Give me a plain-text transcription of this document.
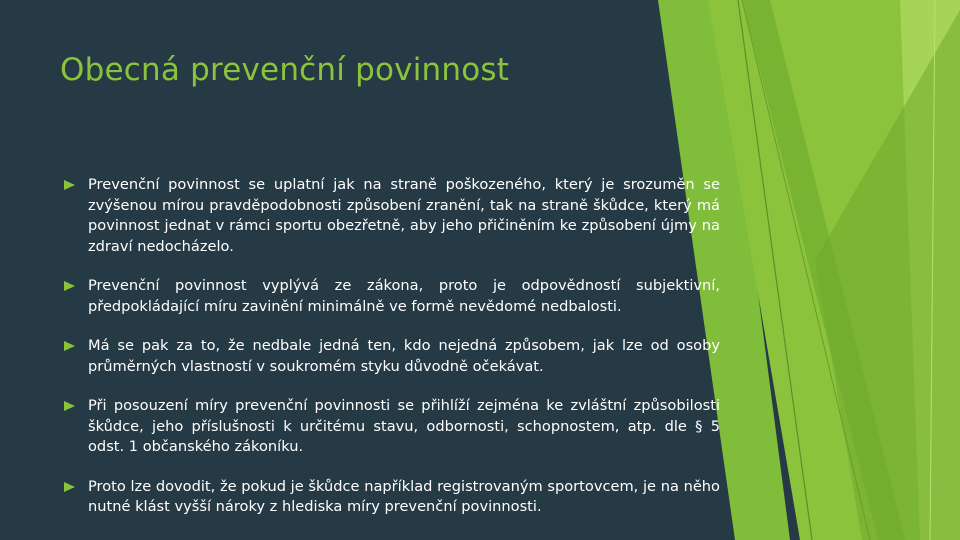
Obecná prevenční povinnost
Prevenční povinnost se uplatní jak na straně poškozeného, který je srozuměn se zvýšenou mírou pravděpodobnosti způsobení zranění, tak na straně škůdce, který má povinnost jednat v rámci sportu obezřetně, aby jeho přičiněním ke způsobení újmy na zdraví nedocházelo.
Prevenční povinnost vyplývá ze zákona, proto je odpovědností subjektivní, předpokládající míru zavinění minimálně ve formě nevědomé nedbalosti.
Má se pak za to, že nedbale jedná ten, kdo nejedná způsobem, jak lze od osoby průměrných vlastností v soukromém styku důvodně očekávat.
Při posouzení míry prevenční povinnosti se přihlíží zejména ke zvláštní způsobilosti škůdce, jeho příslušnosti k určitému stavu, odbornosti, schopnostem, atp. dle § 5 odst. 1 občanského zákoníku.
Proto lze dovodit, že pokud je škůdce například registrovaným sportovcem, je na něho nutné klást vyšší nároky z hlediska míry prevenční povinnosti.
